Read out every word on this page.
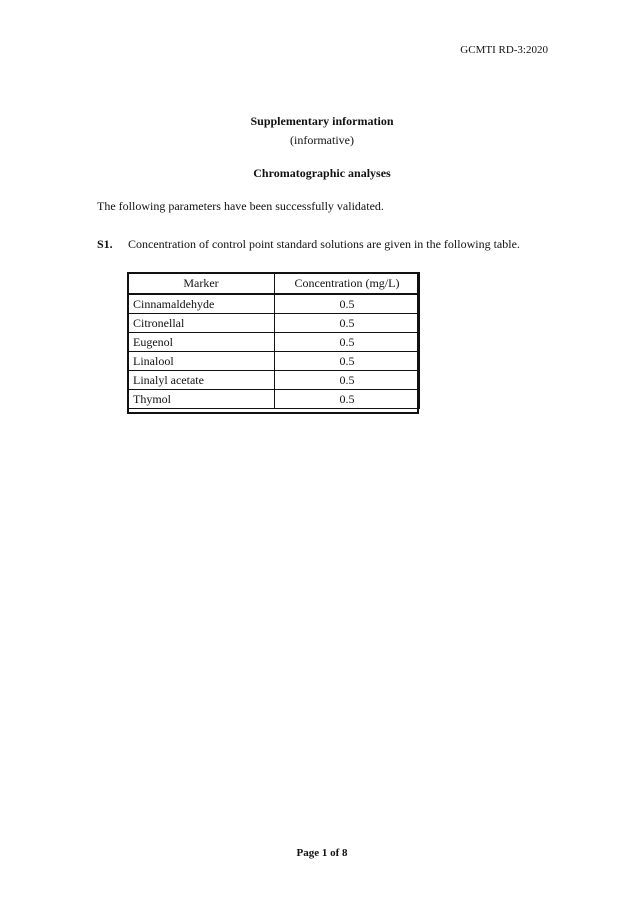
GCMTI RD-3:2020
Supplementary information
(informative)
Chromatographic analyses
The following parameters have been successfully validated.
S1.	Concentration of control point standard solutions are given in the following table.
Marker	Concentration (mg/L)
Cinnamaldehyde	0.5
Citronellal	0.5
Eugenol	0.5
Linalool	0.5
Linalyl acetate	0.5
Thymol	0.5
Page 1 of 8
